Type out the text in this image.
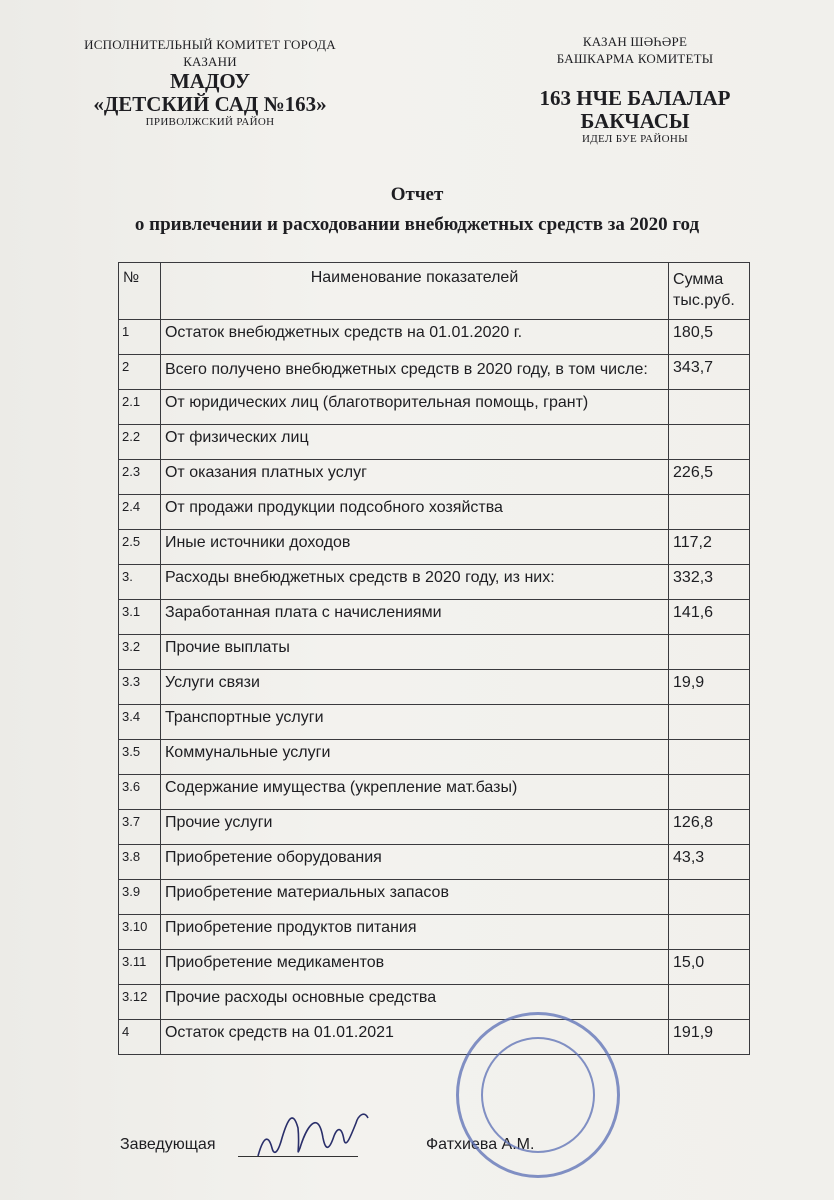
ИСПОЛНИТЕЛЬНЫЙ КОМИТЕТ ГОРОДА
КАЗАНИ
МАДОУ
«ДЕТСКИЙ САД №163»
ПРИВОЛЖСКИЙ РАЙОН
КАЗАН ШӘҺӘРЕ
БАШКАРМА КОМИТЕТЫ
163 НЧЕ БАЛАЛАР
БАКЧАСЫ
ИДЕЛ БУЕ РАЙОНЫ
Отчет
о привлечении и расходовании внебюджетных средств за 2020 год
№	Наименование показателей	Сумма тыс.руб.
1	Остаток внебюджетных средств на 01.01.2020 г.	180,5
2	Всего получено внебюджетных средств в 2020 году, в том числе:	343,7
2.1	От юридических лиц (благотворительная помощь, грант)	
2.2	От физических лиц	
2.3	От оказания платных услуг	226,5
2.4	От продажи продукции подсобного хозяйства	
2.5	Иные источники доходов	117,2
3.	Расходы внебюджетных средств в 2020 году, из них:	332,3
3.1	Заработанная плата с начислениями	141,6
3.2	Прочие выплаты	
3.3	Услуги связи	19,9
3.4	Транспортные услуги	
3.5	Коммунальные услуги	
3.6	Содержание имущества (укрепление мат.базы)	
3.7	Прочие услуги	126,8
3.8	Приобретение оборудования	43,3
3.9	Приобретение материальных запасов	
3.10	Приобретение продуктов питания	
3.11	Приобретение медикаментов	15,0
3.12	Прочие расходы основные средства	
4	Остаток средств на 01.01.2021	191,9
Заведующая	Фатхиева А.М.
